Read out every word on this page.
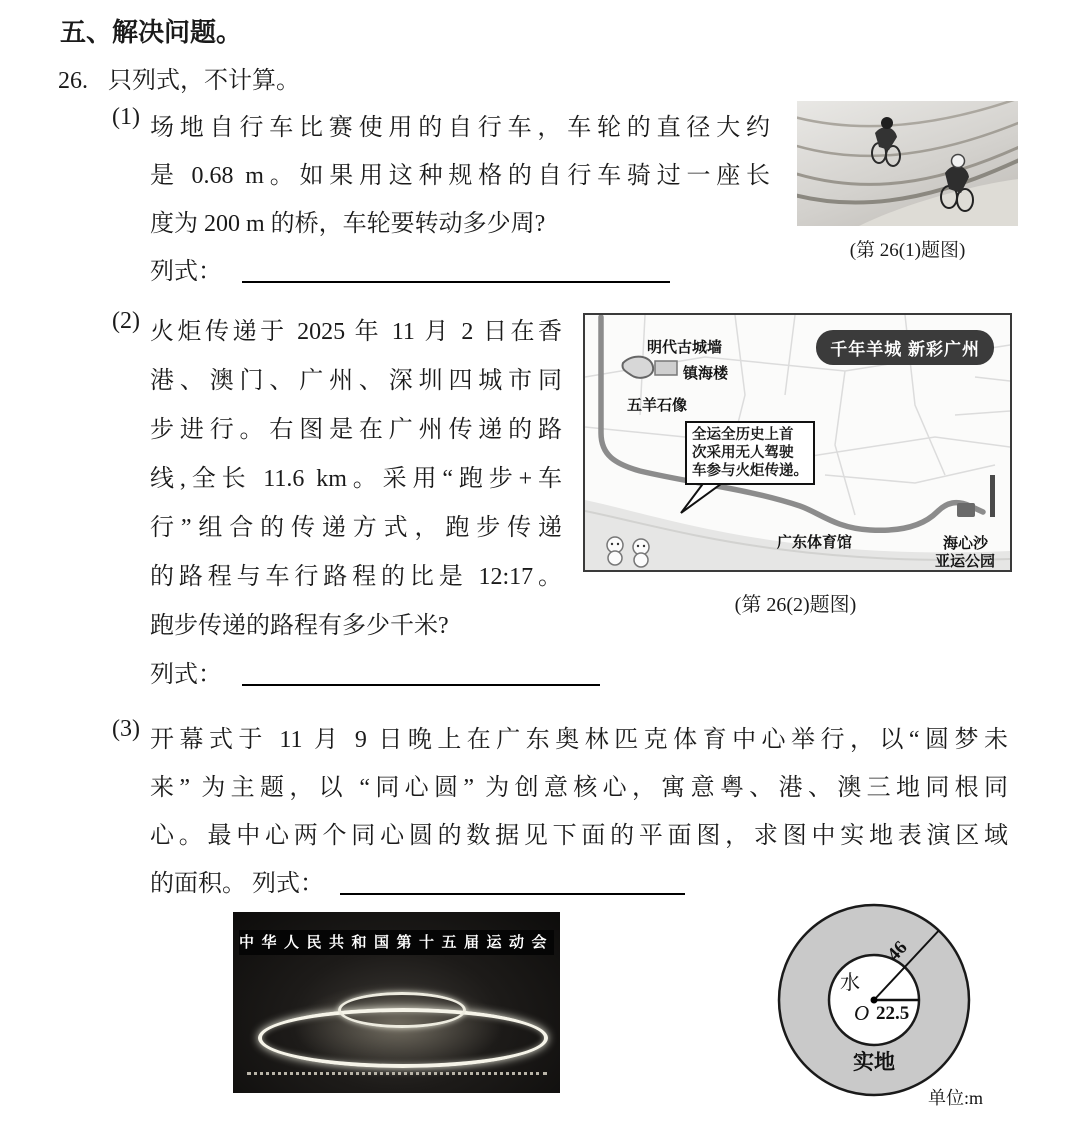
五、解决问题。
26. 只列式，不计算。
(1) 场地自行车比赛使用的自行车，车轮的直径大约
是 0.68 m。如果用这种规格的自行车骑过一座长
度为 200 m 的桥，车轮要转动多少周?
列式：
(第 26(1)题图)
(2) 火炬传递于 2025 年 11 月 2 日在香
港、澳门、广州、深圳四城市同
步进行。右图是在广州传递的路
线,全长 11.6 km。采用“跑步+车
行”组合的传递方式，跑步传递
的路程与车行路程的比是 12:17。
跑步传递的路程有多少千米?
列式：
千年羊城 新彩广州
明代古城墙
镇海楼
五羊石像
全运全历史上首
次采用无人驾驶
车参与火炬传递。
广东体育馆	海心沙
亚运公园
(第 26(2)题图)
(3) 开幕式于 11 月 9 日晚上在广东奥林匹克体育中心举行，以“圆梦未
来” 为主题，以 “同心圆” 为创意核心，寓意粤、港、澳三地同根同
心。最中心两个同心圆的数据见下面的平面图，求图中实地表演区域
的面积。 列式：
中华人民共和国第十五届运动会
水
O 22.5
46
实地
单位:m
